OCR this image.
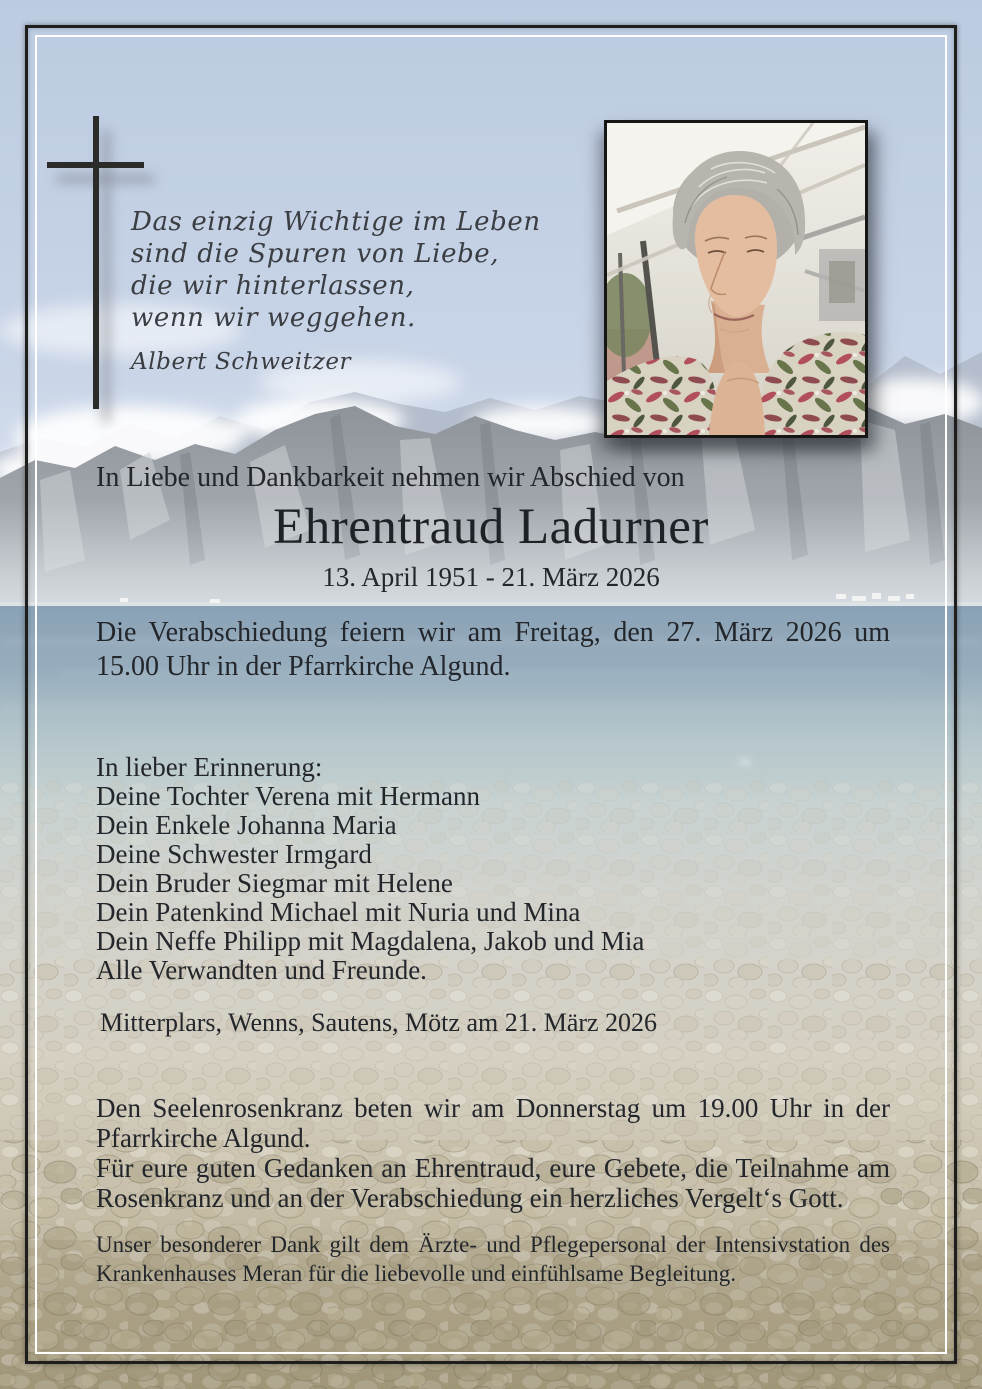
Das einzig Wichtige im Leben
sind die Spuren von Liebe,
die wir hinterlassen,
wenn wir weggehen.
Albert Schweitzer
In Liebe und Dankbarkeit nehmen wir Abschied von
Ehrentraud Ladurner
13. April 1951 - 21. März 2026
Die Verabschiedung feiern wir am Freitag, den 27. März 2026 um 15.00 Uhr in der Pfarrkirche Algund.
In lieber Erinnerung:
Deine Tochter Verena mit Hermann
Dein Enkele Johanna Maria
Deine Schwester Irmgard
Dein Bruder Siegmar mit Helene
Dein Patenkind Michael mit Nuria und Mina
Dein Neffe Philipp mit Magdalena, Jakob und Mia
Alle Verwandten und Freunde.
Mitterplars, Wenns, Sautens, Mötz am 21. März 2026
Den Seelenrosenkranz beten wir am Donnerstag um 19.00 Uhr in der Pfarrkirche Algund.
Für eure guten Gedanken an Ehrentraud, eure Gebete, die Teilnahme am Rosenkranz und an der Verabschiedung ein herzliches Vergelt‘s Gott.
Unser besonderer Dank gilt dem Ärzte- und Pflegepersonal der Intensivstation des Krankenhauses Meran für die liebevolle und einfühlsame Begleitung.
